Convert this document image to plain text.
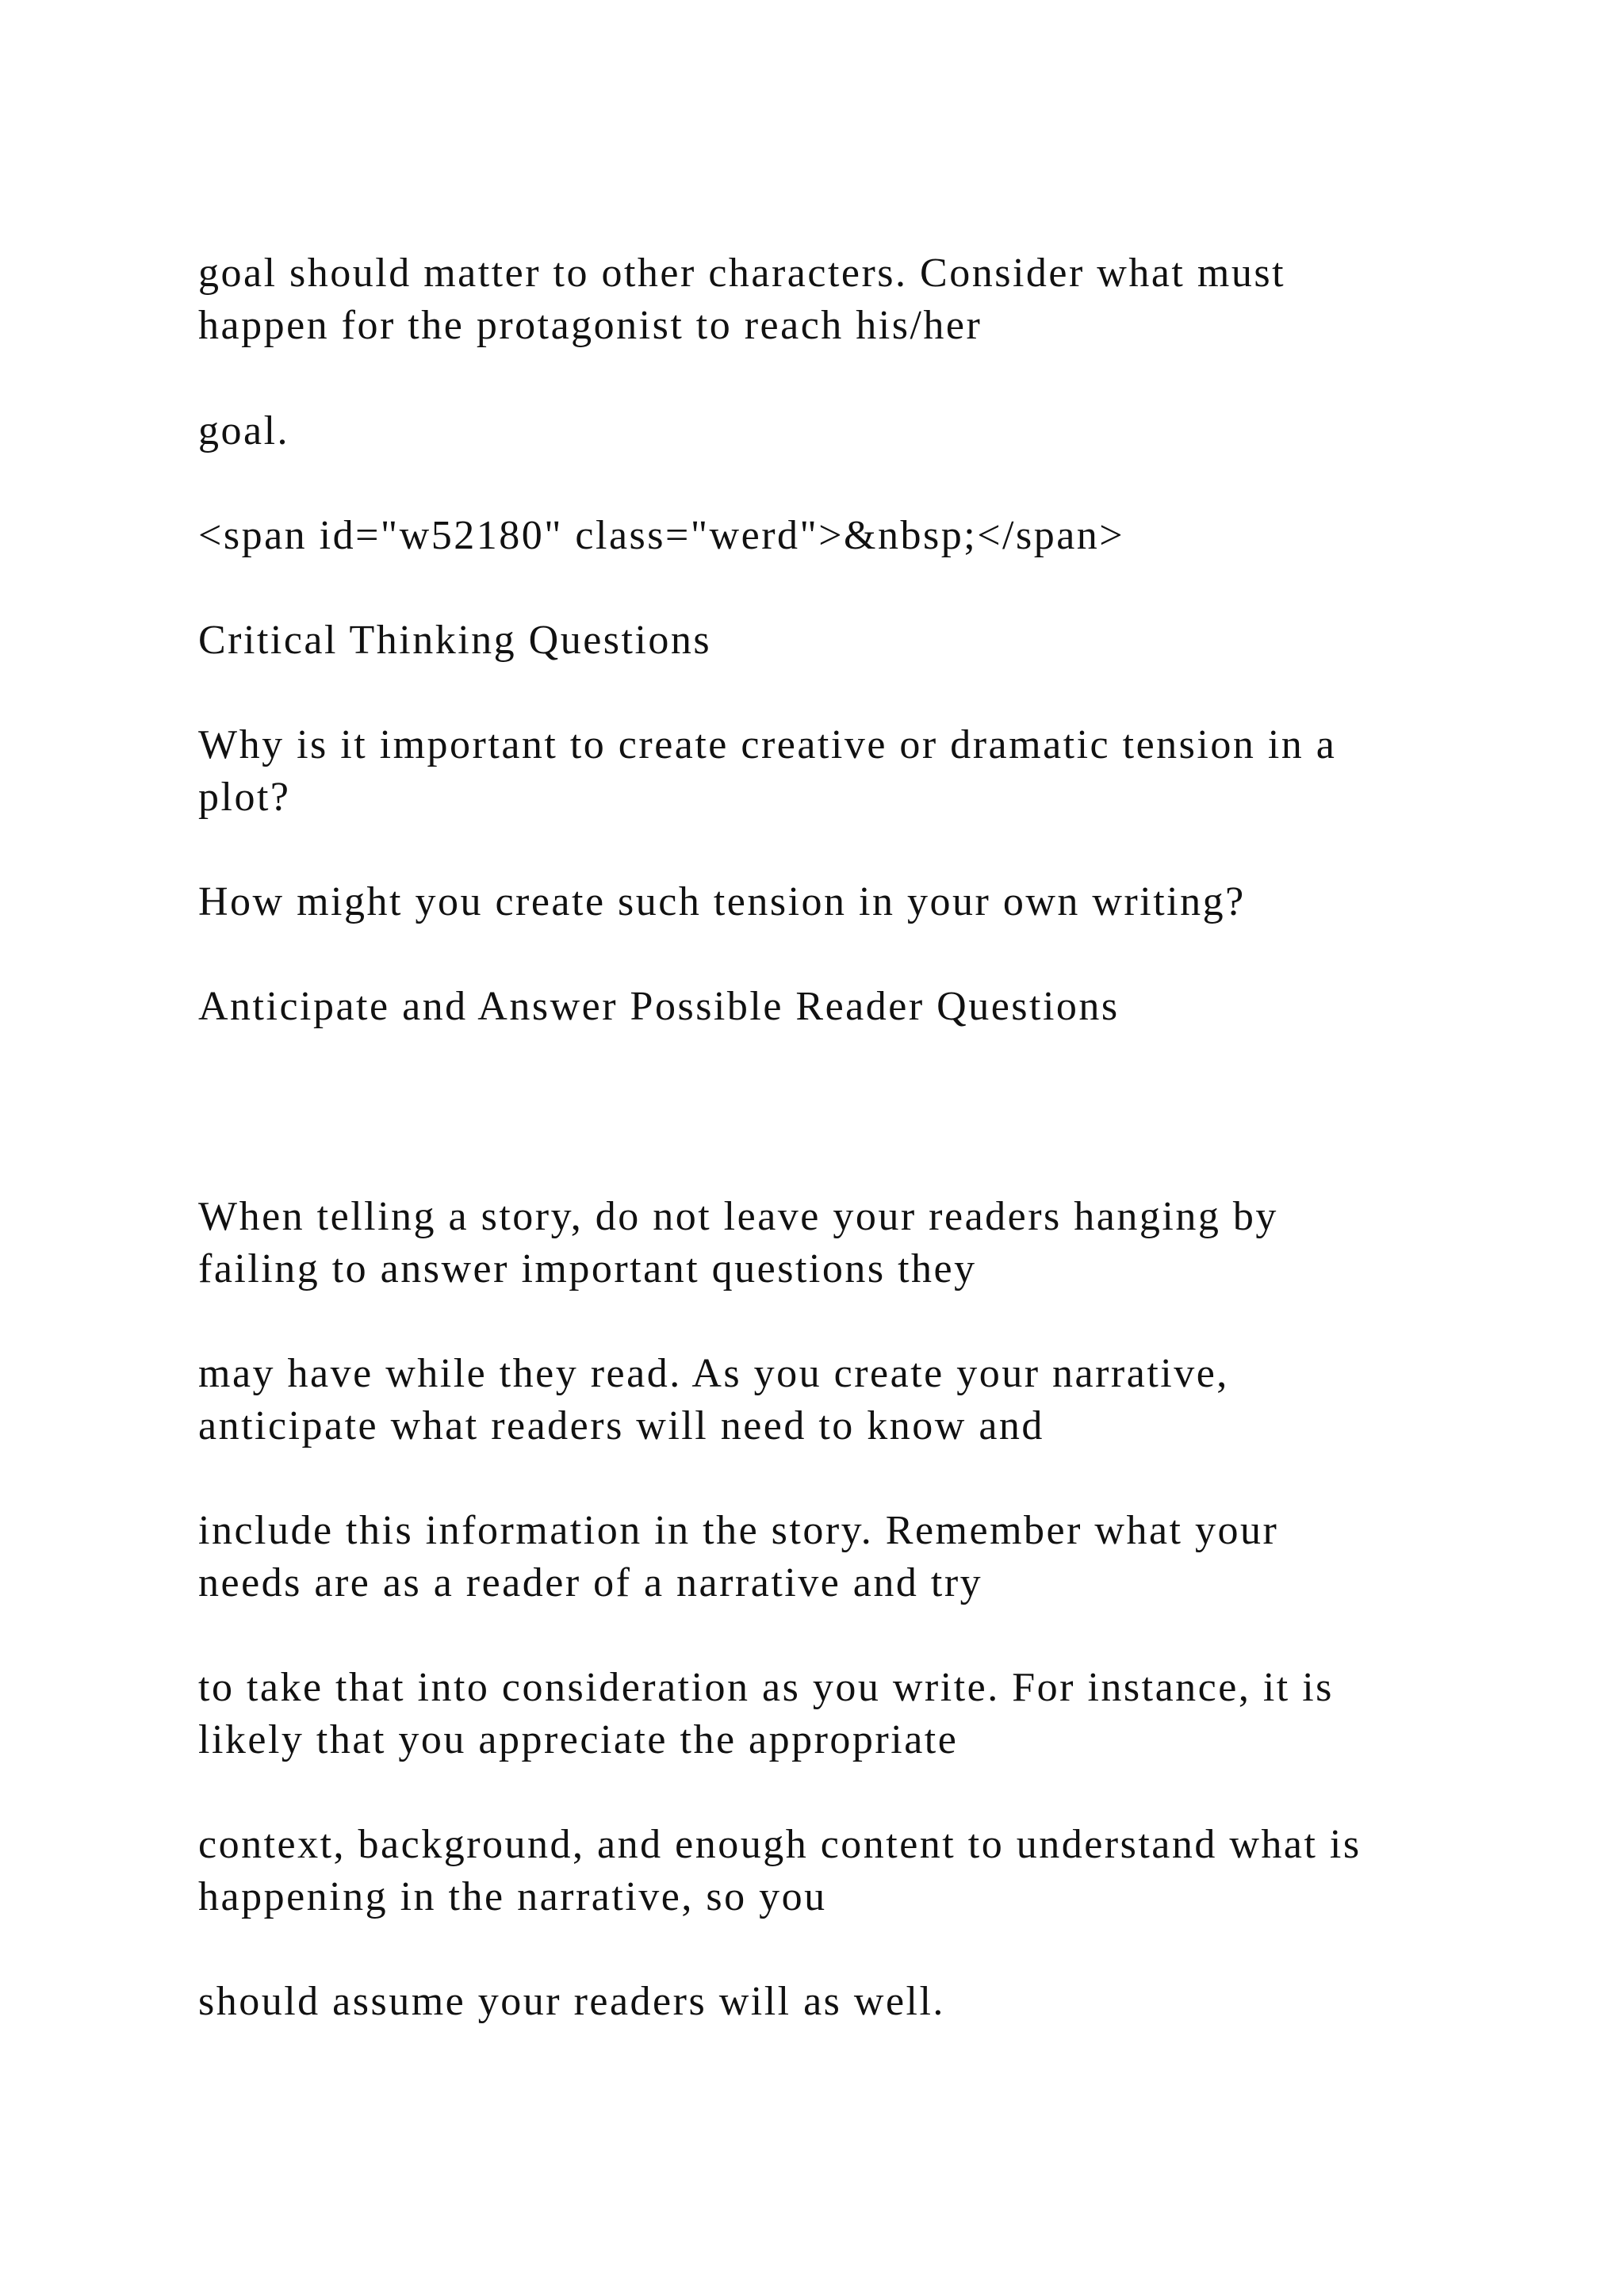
goal should matter to other characters. Consider what must
happen for the protagonist to reach his/her

goal.

<span id="w52180" class="werd">&nbsp;</span>

Critical Thinking Questions

Why is it important to create creative or dramatic tension in a
plot?

How might you create such tension in your own writing?

Anticipate and Answer Possible Reader Questions

When telling a story, do not leave your readers hanging by
failing to answer important questions they

may have while they read. As you create your narrative,
anticipate what readers will need to know and

include this information in the story. Remember what your
needs are as a reader of a narrative and try

to take that into consideration as you write. For instance, it is
likely that you appreciate the appropriate

context, background, and enough content to understand what is
happening in the narrative, so you

should assume your readers will as well.
